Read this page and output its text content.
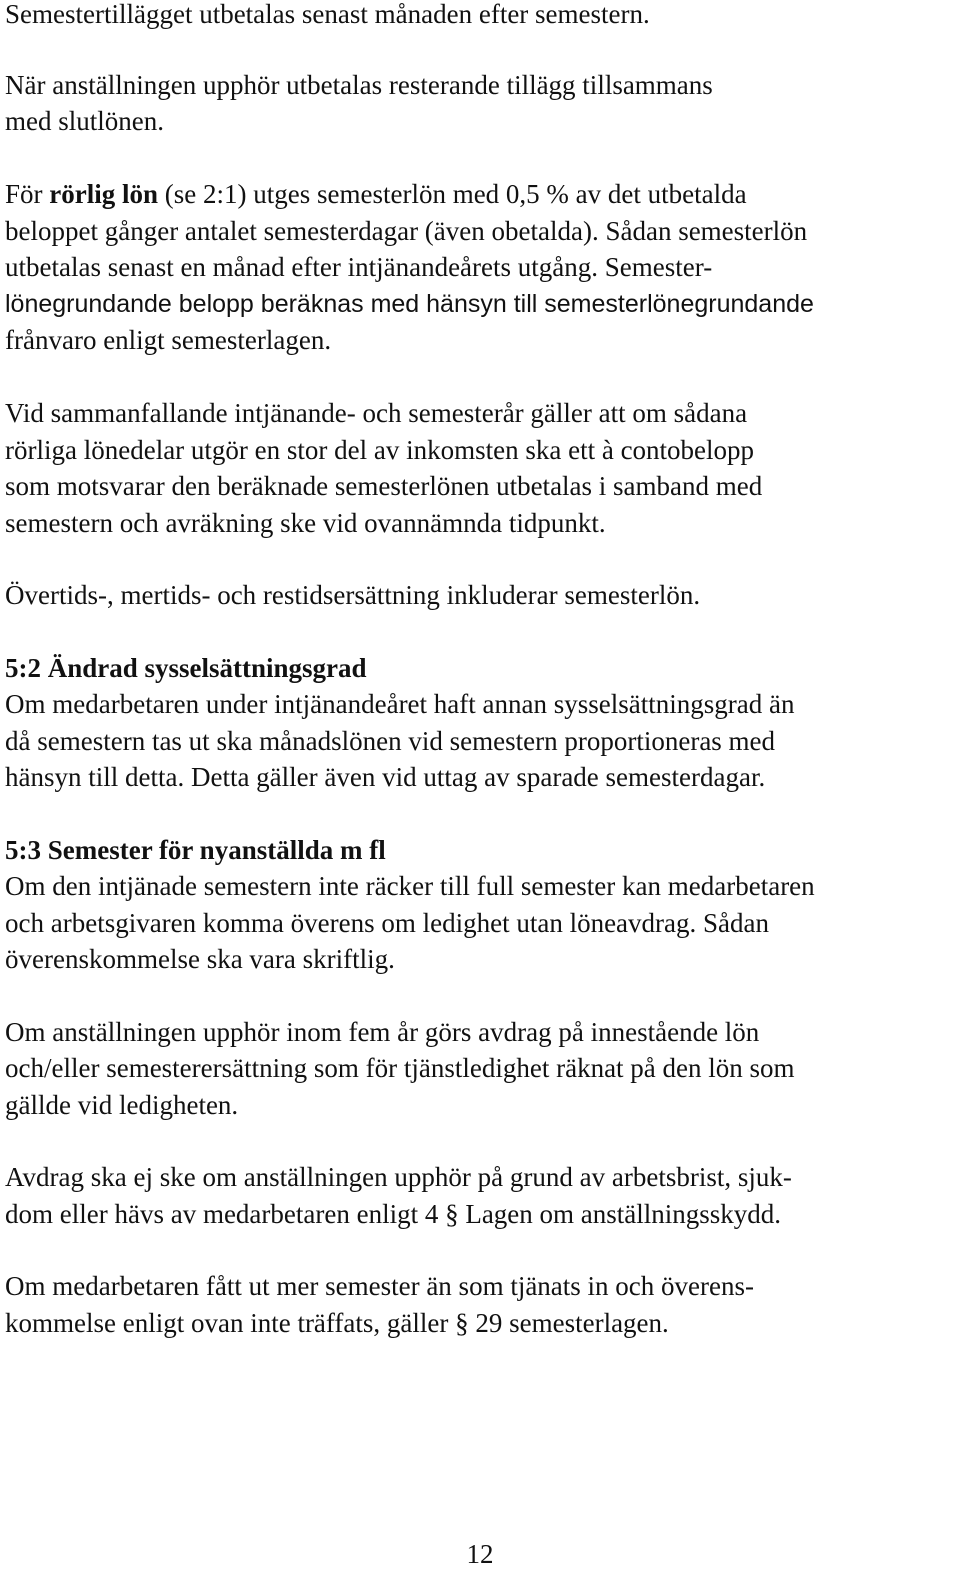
Semestertillägget utbetalas senast månaden efter semestern.
När anställningen upphör utbetalas resterande tillägg tillsammans
med slutlönen.
För rörlig lön (se 2:1) utges semesterlön med 0,5 % av det utbetalda
beloppet gånger antalet semesterdagar (även obetalda). Sådan semesterlön
utbetalas senast en månad efter intjänandeårets utgång. Semester-
lönegrundande belopp beräknas med hänsyn till semesterlönegrundande
frånvaro enligt semesterlagen.
Vid sammanfallande intjänande- och semesterår gäller att om sådana
rörliga lönedelar utgör en stor del av inkomsten ska ett à contobelopp
som motsvarar den beräknade semesterlönen utbetalas i samband med
semestern och avräkning ske vid ovannämnda tidpunkt.
Övertids-, mertids- och restidsersättning inkluderar semesterlön.
5:2 Ändrad sysselsättningsgrad
Om medarbetaren under intjänandeåret haft annan sysselsättningsgrad än
då semestern tas ut ska månadslönen vid semestern proportioneras med
hänsyn till detta. Detta gäller även vid uttag av sparade semesterdagar.
5:3 Semester för nyanställda m fl
Om den intjänade semestern inte räcker till full semester kan medarbetaren
och arbetsgivaren komma överens om ledighet utan löneavdrag. Sådan
överenskommelse ska vara skriftlig.
Om anställningen upphör inom fem år görs avdrag på innestående lön
och/eller semesterersättning som för tjänstledighet räknat på den lön som
gällde vid ledigheten.
Avdrag ska ej ske om anställningen upphör på grund av arbetsbrist, sjuk-
dom eller hävs av medarbetaren enligt 4 § Lagen om anställningsskydd.
Om medarbetaren fått ut mer semester än som tjänats in och överens-
kommelse enligt ovan inte träffats, gäller § 29 semesterlagen.
12
